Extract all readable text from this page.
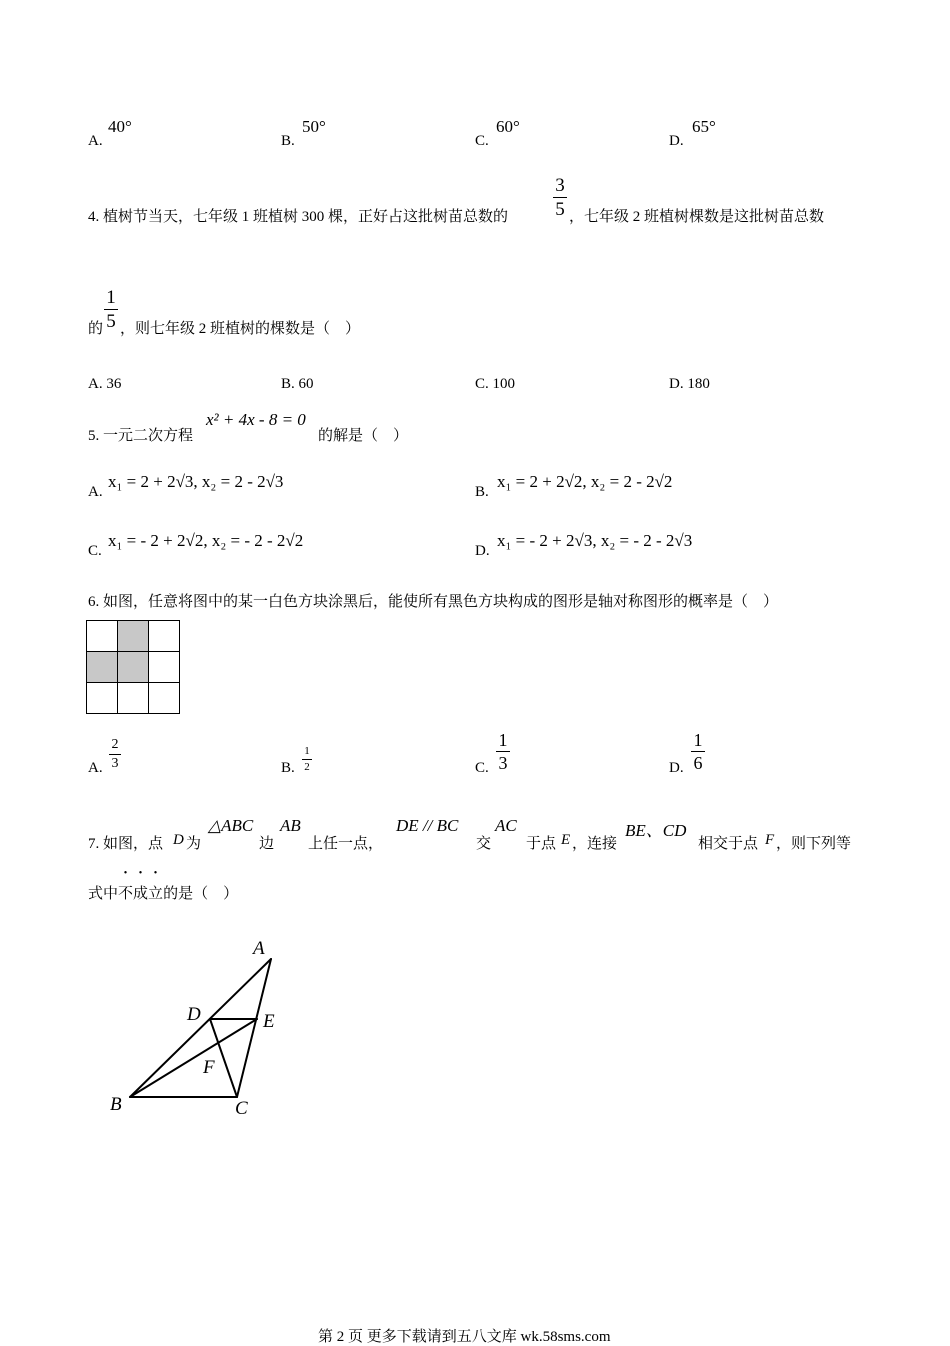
A.
40°
B.
50°
C.
60°
D.
65°
4. 植树节当天，七年级 1 班植树 300 棵，正好占这批树苗总数的
3
5 ，七年级 2 班植树棵数是这批树苗总数
的
1
5 ，则七年级 2 班植树的棵数是（　）
A. 36	B. 60	C. 100	D. 180
5. 一元二次方程
x² + 4x - 8 = 0
的解是（　）
A.
x₁ = 2 + 2√3, x₂ = 2 - 2√3
B.
x₁ = 2 + 2√2, x₂ = 2 - 2√2
C.
x₁ = - 2 + 2√2, x₂ = - 2 - 2√2
D.
x₁ = - 2 + 2√3, x₂ = - 2 - 2√3
6. 如图，任意将图中的某一白色方块涂黑后，能使所有黑色方块构成的图形是轴对称图形的概率是（　）

A.
2
3	B.
1
2	C.
1
3	D.
1
6
7. 如图，点 D 为
△ABC
边
AB
上任一点，
DE // BC
交
AC
于点 E ，连接
BE、CD
相交于点 F ，则下列等
式中不成立的是（　）
A
B	C
D	E
F
第 2 页 更多下载请到五八文库 wk.58sms.com
